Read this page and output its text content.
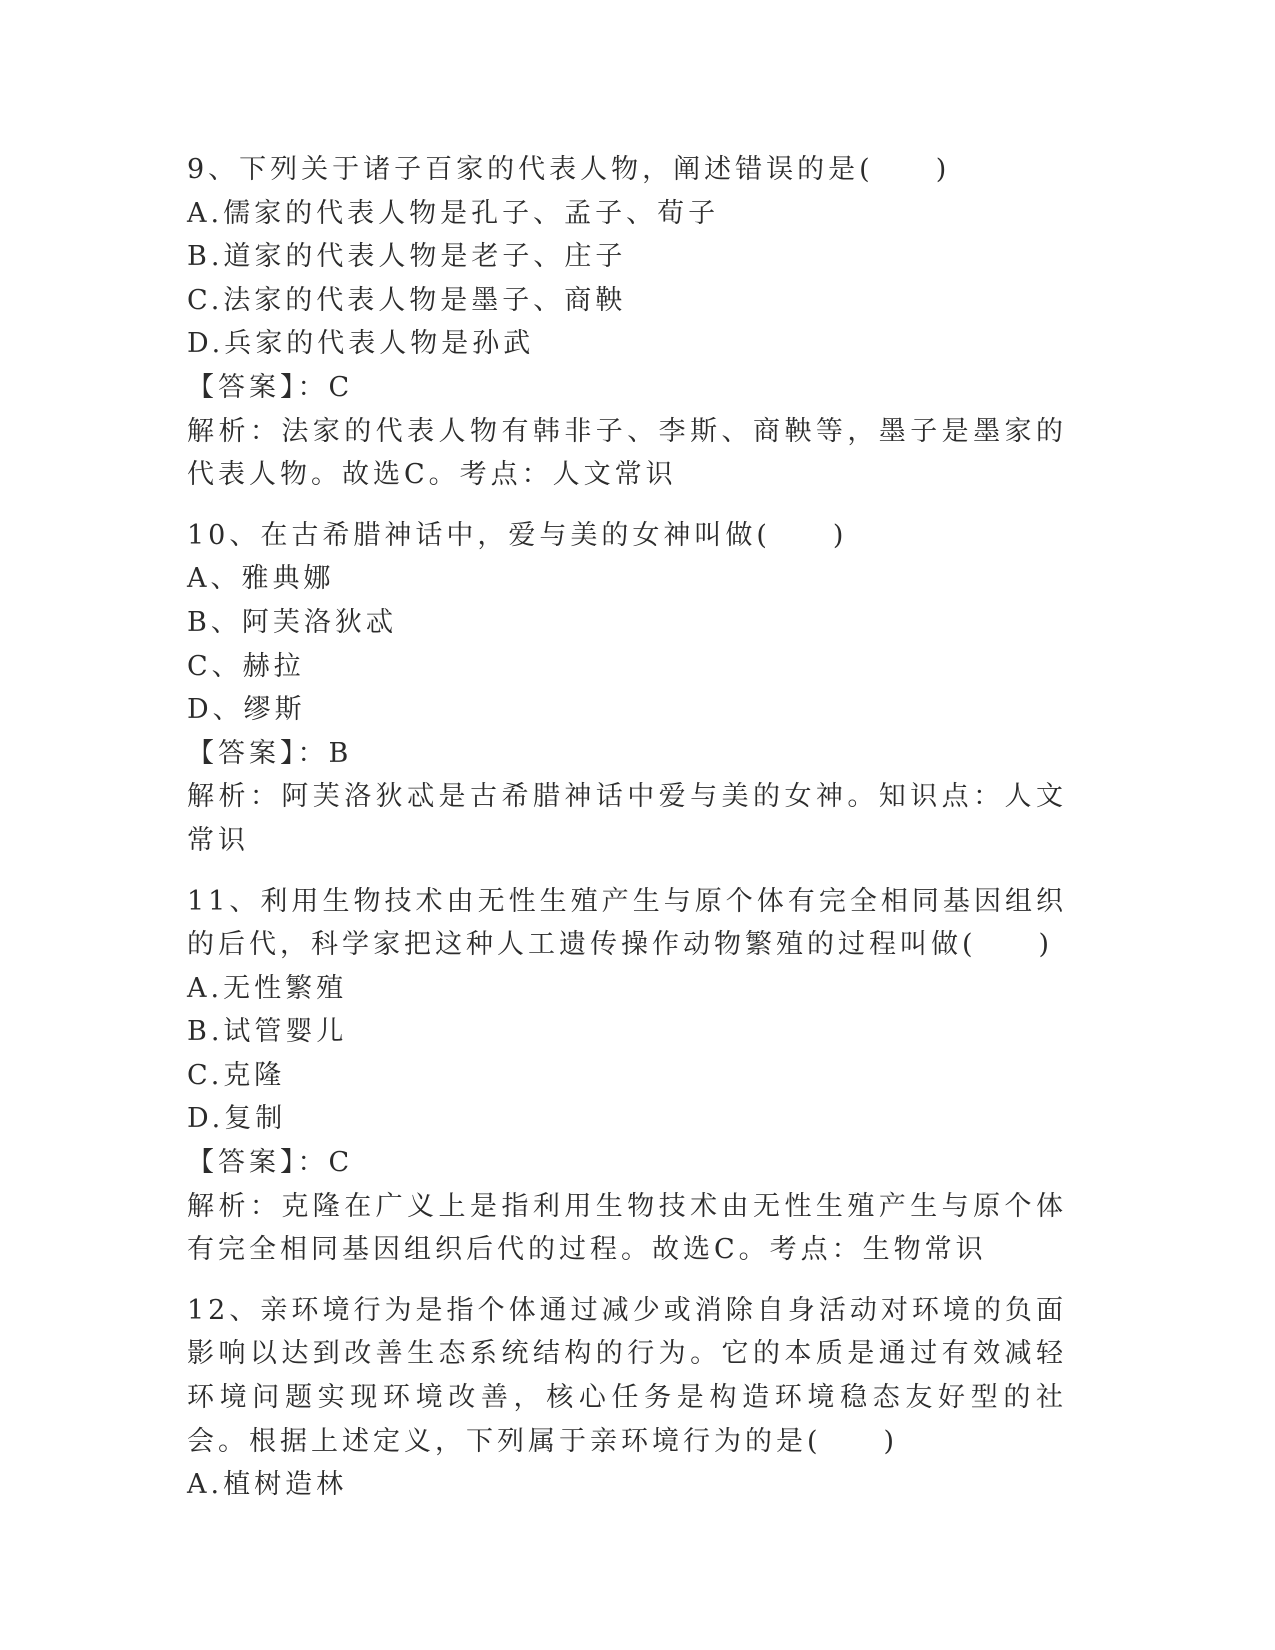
9、下列关于诸子百家的代表人物，阐述错误的是(　　)

A.儒家的代表人物是孔子、孟子、荀子

B.道家的代表人物是老子、庄子

C.法家的代表人物是墨子、商鞅

D.兵家的代表人物是孙武

【答案】：C

解析：法家的代表人物有韩非子、李斯、商鞅等，墨子是墨家的代表人物。故选C。考点：人文常识

10、在古希腊神话中，爱与美的女神叫做(　　)

A、雅典娜

B、阿芙洛狄忒

C、赫拉

D、缪斯

【答案】：B

解析：阿芙洛狄忒是古希腊神话中爱与美的女神。知识点：人文常识

11、利用生物技术由无性生殖产生与原个体有完全相同基因组织的后代，科学家把这种人工遗传操作动物繁殖的过程叫做(　　)

A.无性繁殖

B.试管婴儿

C.克隆

D.复制

【答案】：C

解析：克隆在广义上是指利用生物技术由无性生殖产生与原个体有完全相同基因组织后代的过程。故选C。考点：生物常识

12、亲环境行为是指个体通过减少或消除自身活动对环境的负面影响以达到改善生态系统结构的行为。它的本质是通过有效减轻环境问题实现环境改善，核心任务是构造环境稳态友好型的社会。根据上述定义，下列属于亲环境行为的是(　　)

A.植树造林
